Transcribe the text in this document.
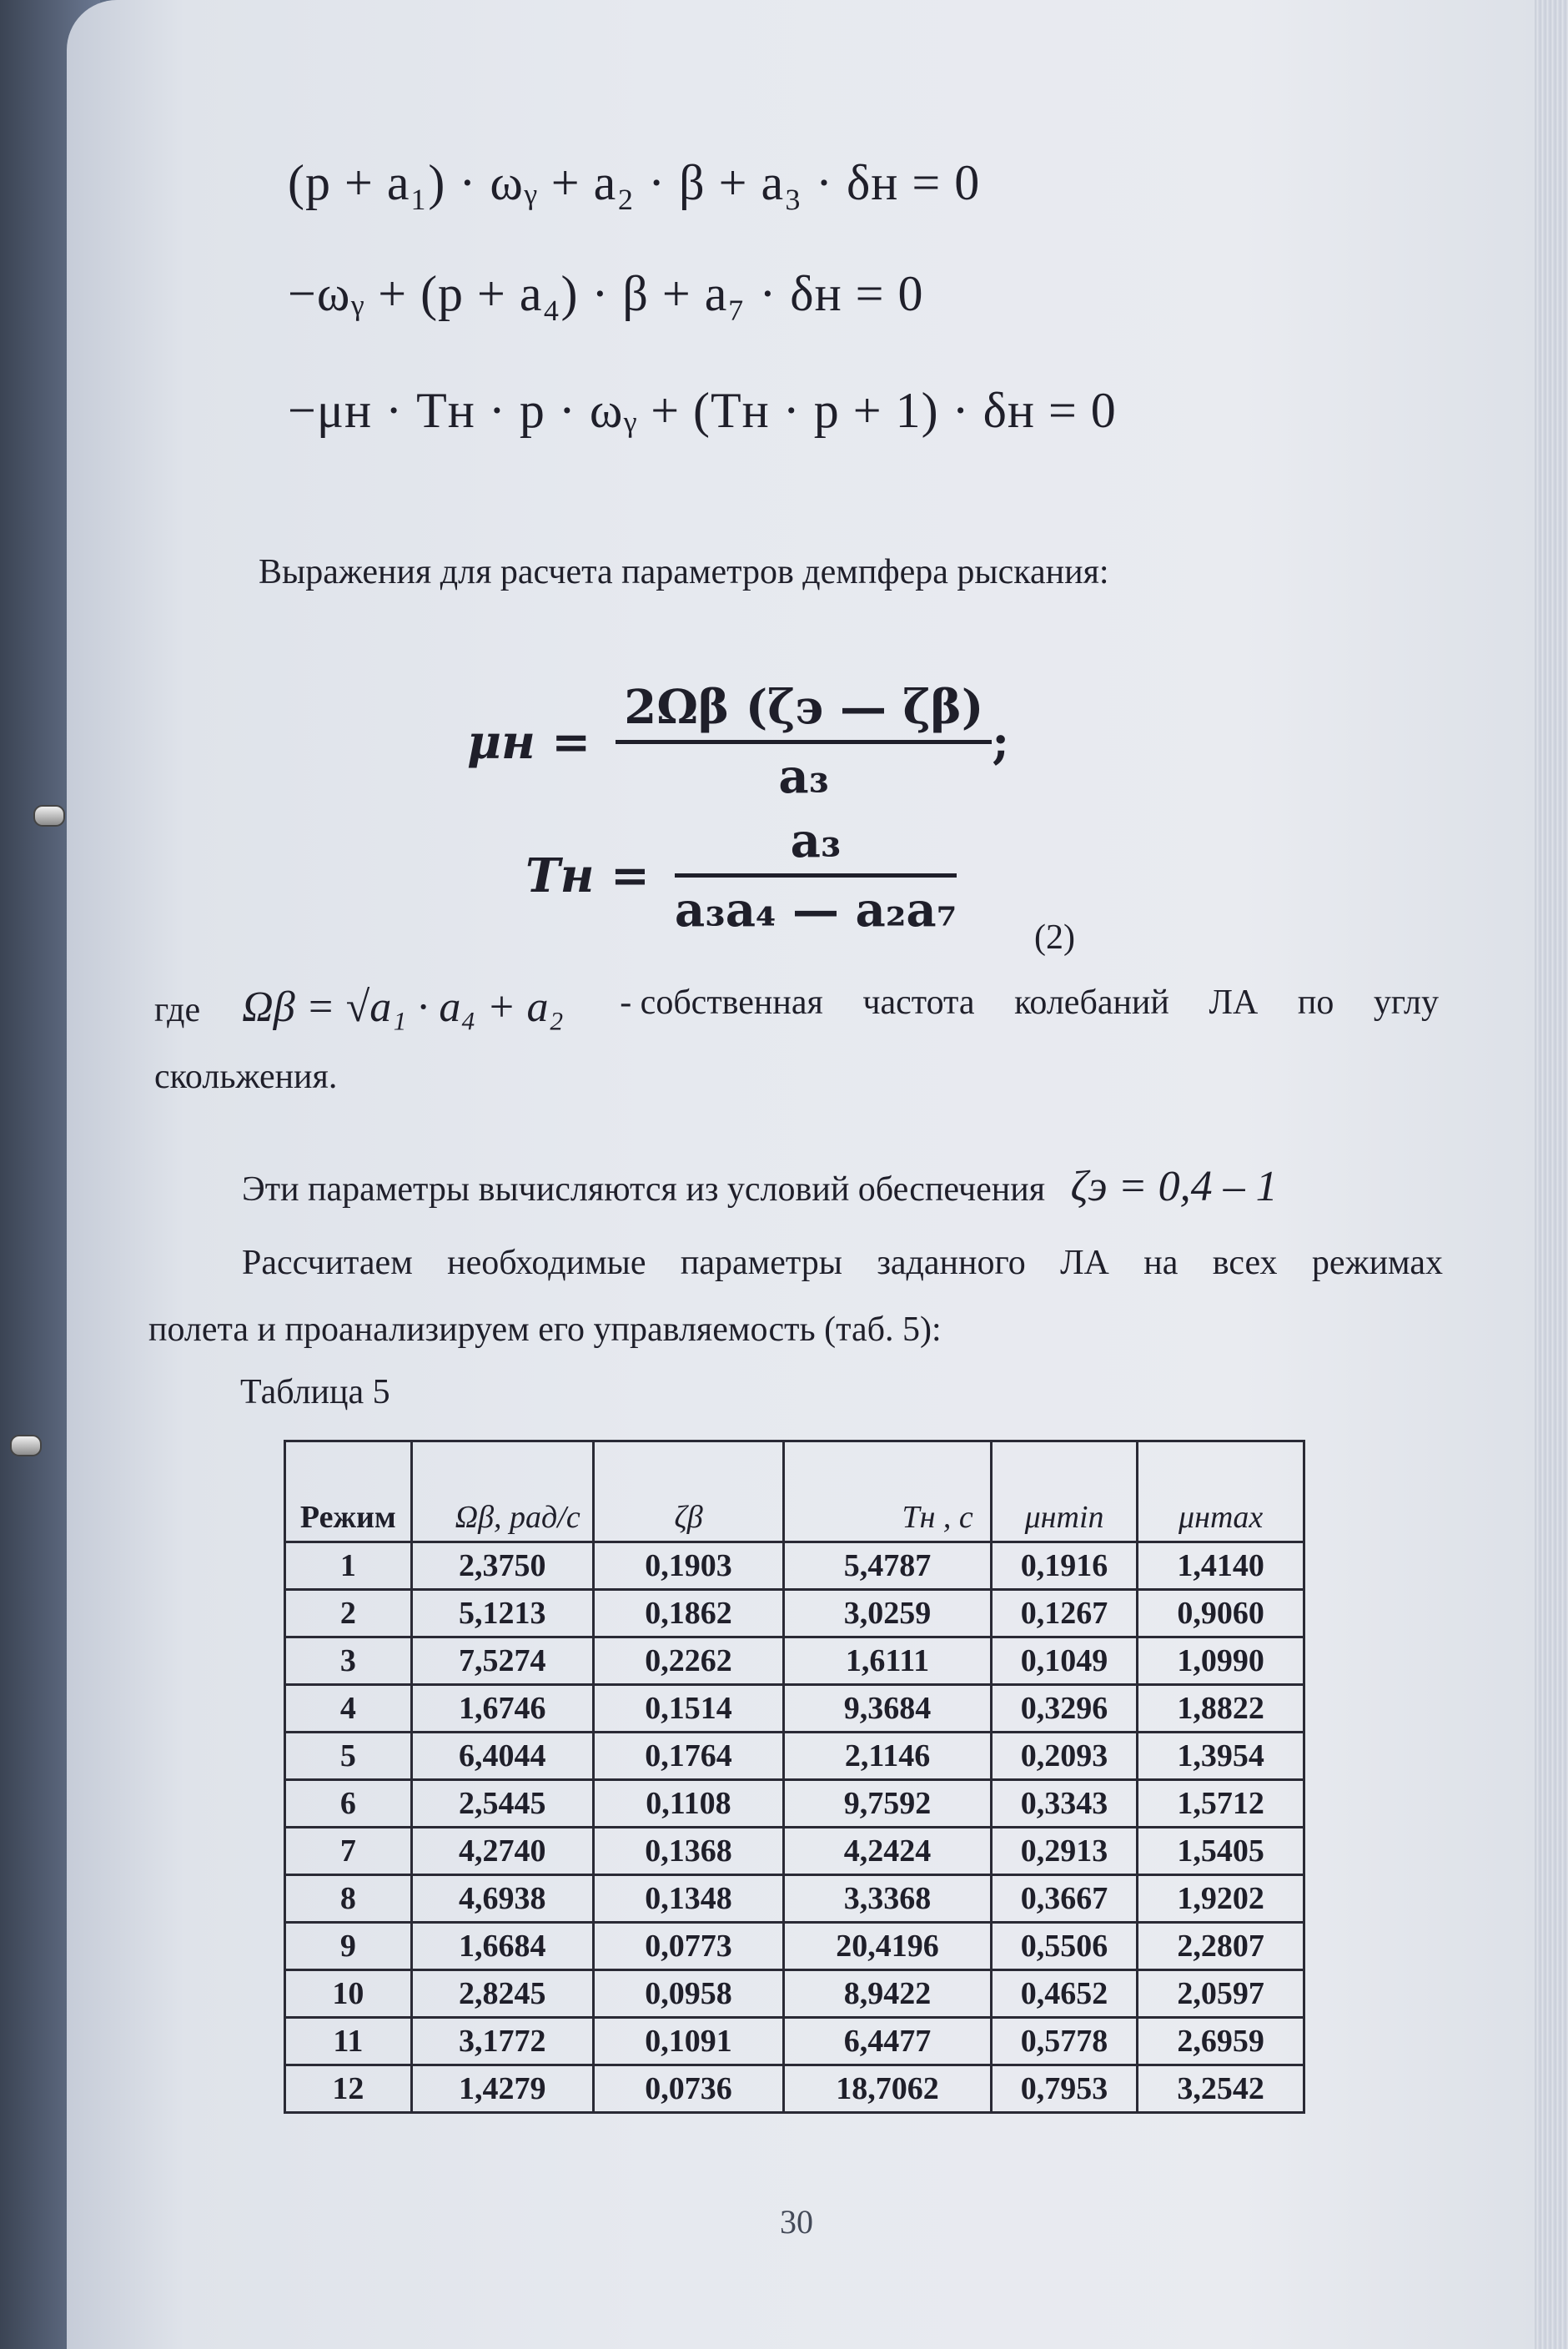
(p + a₁) · ωᵧ + a₂ · β + a₃ · δн = 0
−ωᵧ + (p + a₄) · β + a₇ · δн = 0
−μн · Тн · p · ωᵧ + (Тн · p + 1) · δн = 0
Выражения для расчета параметров демпфера рыскания:
$\mu н = \frac{2\Omega\beta (\zeta э — \zeta\beta)}{\text{a₃}}$ ;
Tн = $\frac{\text{a₃}}{\text{a₃a₄ — a₂a₇}} (2)$
где Ωβ = √a₁ · a₄ + a₂	- собственная частота колебаний ЛА по углу
скольжения.
Эти параметры вычисляются из условий обеспечения ζэ = 0,4 – 1
Рассчитаем необходимые параметры заданного ЛА на всех режимах
полета и проанализируем его управляемость (таб. 5):
Таблица 5
Режим	Ωβ, рад/с	ζβ	Tн , с	μнmin	μнmax
1	2,3750	0,1903	5,4787	0,1916	1,4140
2	5,1213	0,1862	3,0259	0,1267	0,9060
3	7,5274	0,2262	1,6111	0,1049	1,0990
4	1,6746	0,1514	9,3684	0,3296	1,8822
5	6,4044	0,1764	2,1146	0,2093	1,3954
6	2,5445	0,1108	9,7592	0,3343	1,5712
7	4,2740	0,1368	4,2424	0,2913	1,5405
8	4,6938	0,1348	3,3368	0,3667	1,9202
9	1,6684	0,0773	20,4196	0,5506	2,2807
10	2,8245	0,0958	8,9422	0,4652	2,0597
11	3,1772	0,1091	6,4477	0,5778	2,6959
12	1,4279	0,0736	18,7062	0,7953	3,2542
30
